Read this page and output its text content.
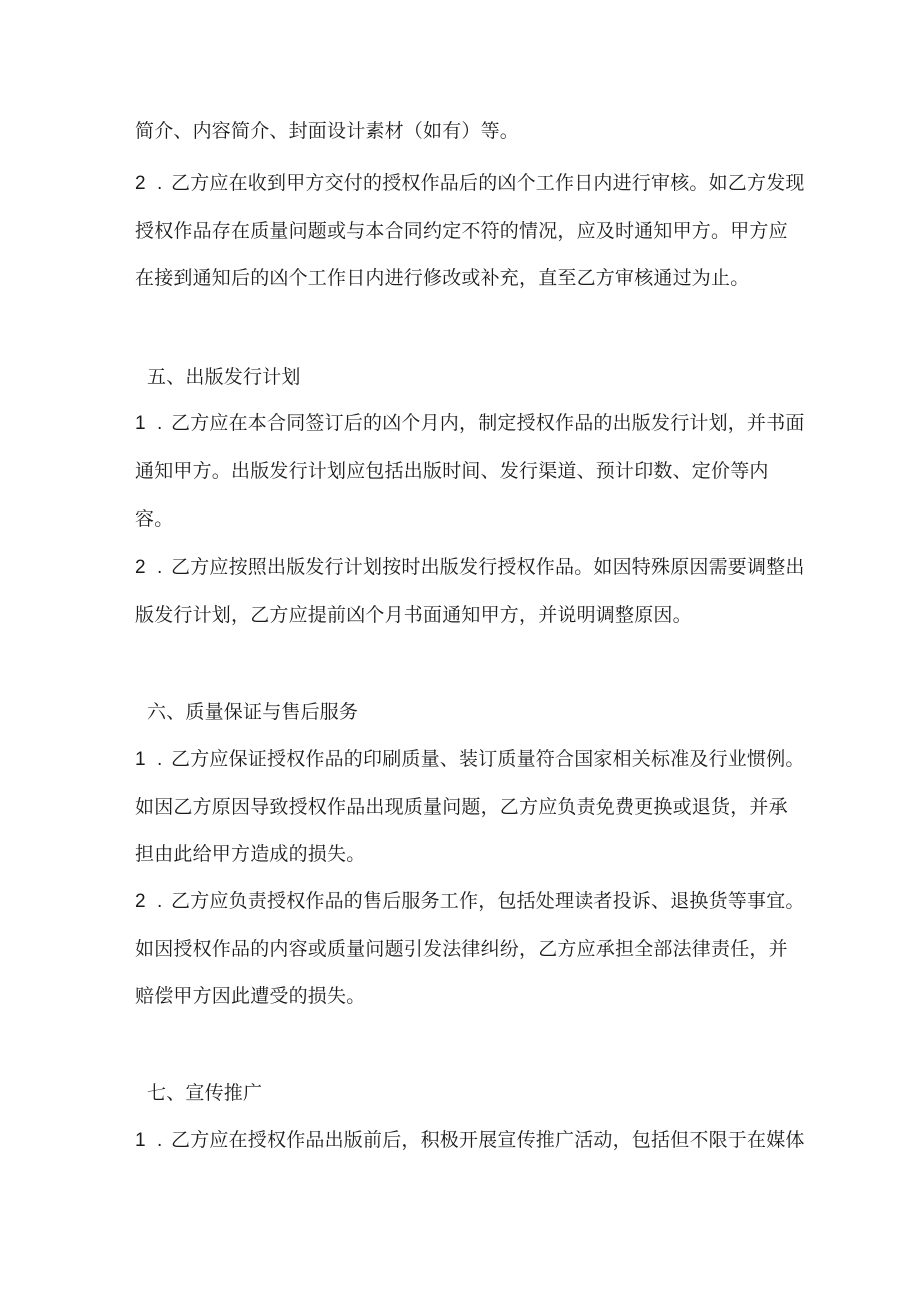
简介、内容简介、封面设计素材（如有）等。
2 . 乙方应在收到甲方交付的授权作品后的凶个工作日内进行审核。如乙方发现
授权作品存在质量问题或与本合同约定不符的情况，应及时通知甲方。甲方应
在接到通知后的凶个工作日内进行修改或补充，直至乙方审核通过为止。
五、出版发行计划
1 . 乙方应在本合同签订后的凶个月内，制定授权作品的出版发行计划，并书面
通知甲方。出版发行计划应包括出版时间、发行渠道、预计印数、定价等内
容。
2 . 乙方应按照出版发行计划按时出版发行授权作品。如因特殊原因需要调整出
版发行计划，乙方应提前凶个月书面通知甲方，并说明调整原因。
六、质量保证与售后服务
1 . 乙方应保证授权作品的印刷质量、装订质量符合国家相关标准及行业惯例。
如因乙方原因导致授权作品出现质量问题，乙方应负责免费更换或退货，并承
担由此给甲方造成的损失。
2 . 乙方应负责授权作品的售后服务工作，包括处理读者投诉、退换货等事宜。
如因授权作品的内容或质量问题引发法律纠纷，乙方应承担全部法律责任，并
赔偿甲方因此遭受的损失。
七、宣传推广
1 . 乙方应在授权作品出版前后，积极开展宣传推广活动，包括但不限于在媒体
